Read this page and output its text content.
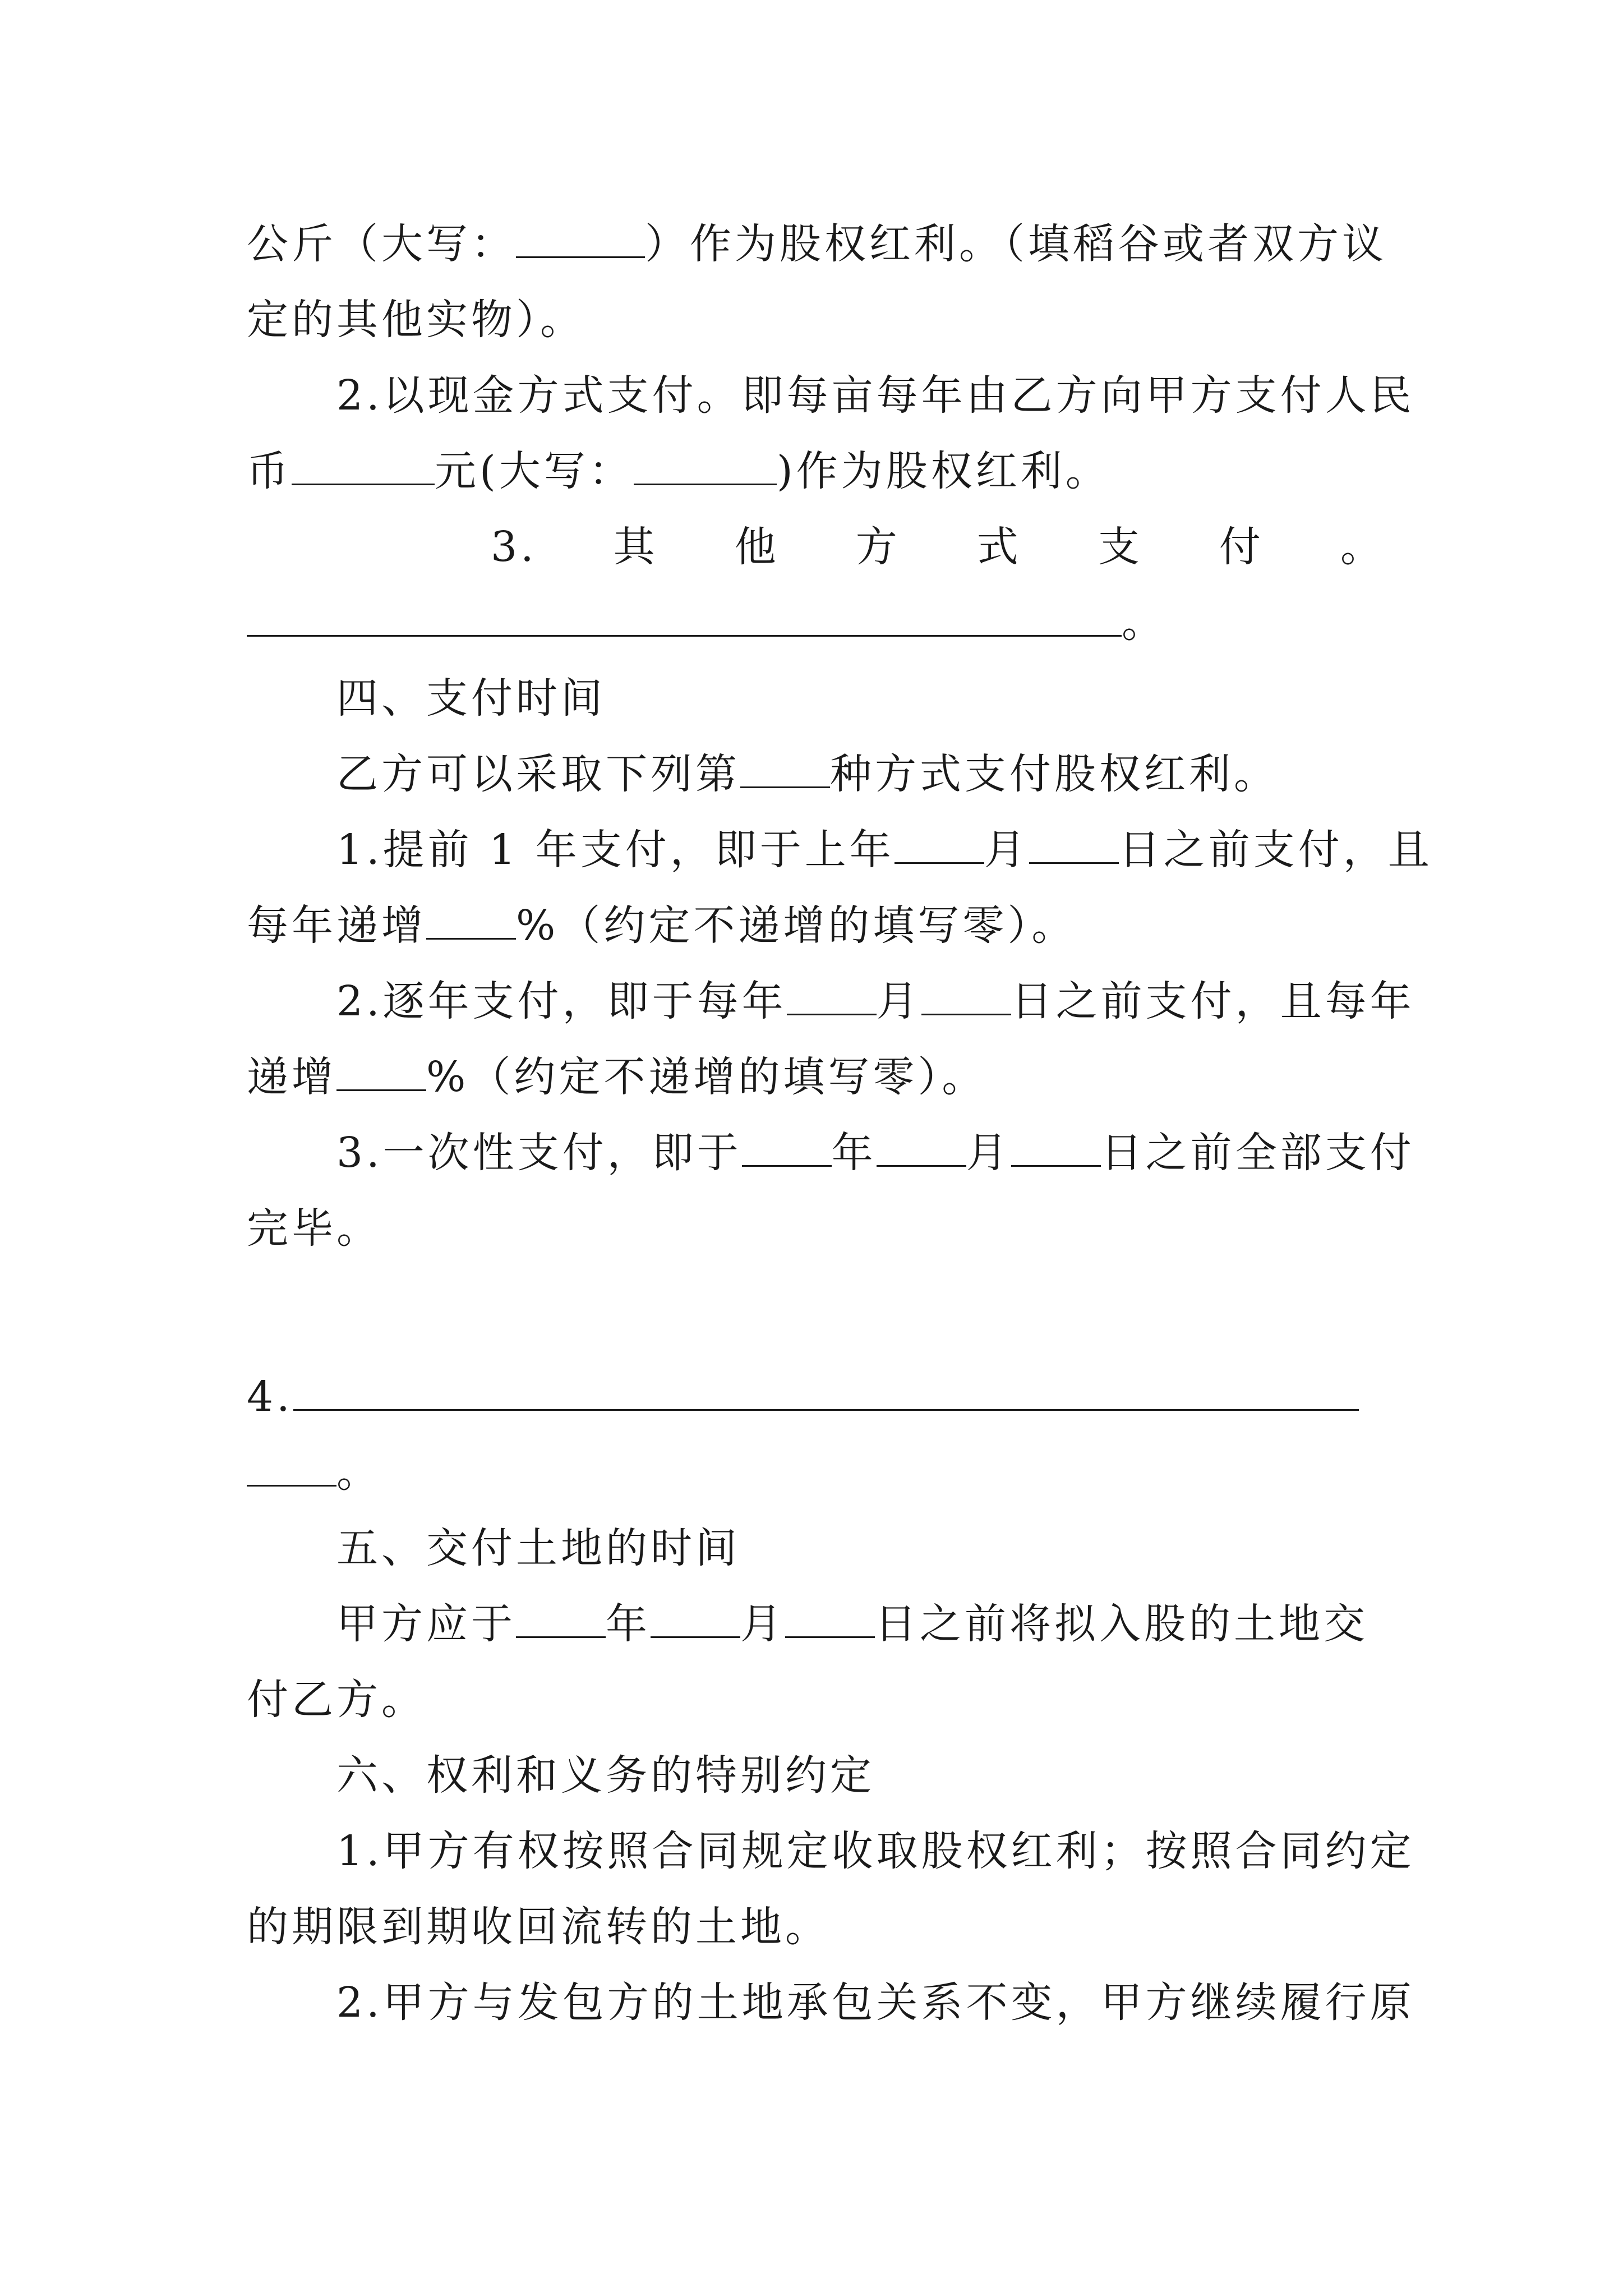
公斤（大写：	）作为股权红利。（填稻谷或者双方议
定的其他实物）。
2.以现金方式支付。即每亩每年由乙方向甲方支付人民
币	元(大写：	)作为股权红利。
3. 其 他 方 式 支 付 。
。
四、支付时间
乙方可以采取下列第 种方式支付股权红利。
1.提前 1 年支付，即于上年 月 日之前支付，且
每年递增 %（约定不递增的填写零）。
2.逐年支付，即于每年 月 日之前支付，且每年
递增 %（约定不递增的填写零）。
3.一次性支付，即于 年 月 日之前全部支付
完毕。
4.
。
五、交付土地的时间
甲方应于 年 月 日之前将拟入股的土地交
付乙方。
六、权利和义务的特别约定
1.甲方有权按照合同规定收取股权红利；按照合同约定
的期限到期收回流转的土地。
2.甲方与发包方的土地承包关系不变，甲方继续履行原
